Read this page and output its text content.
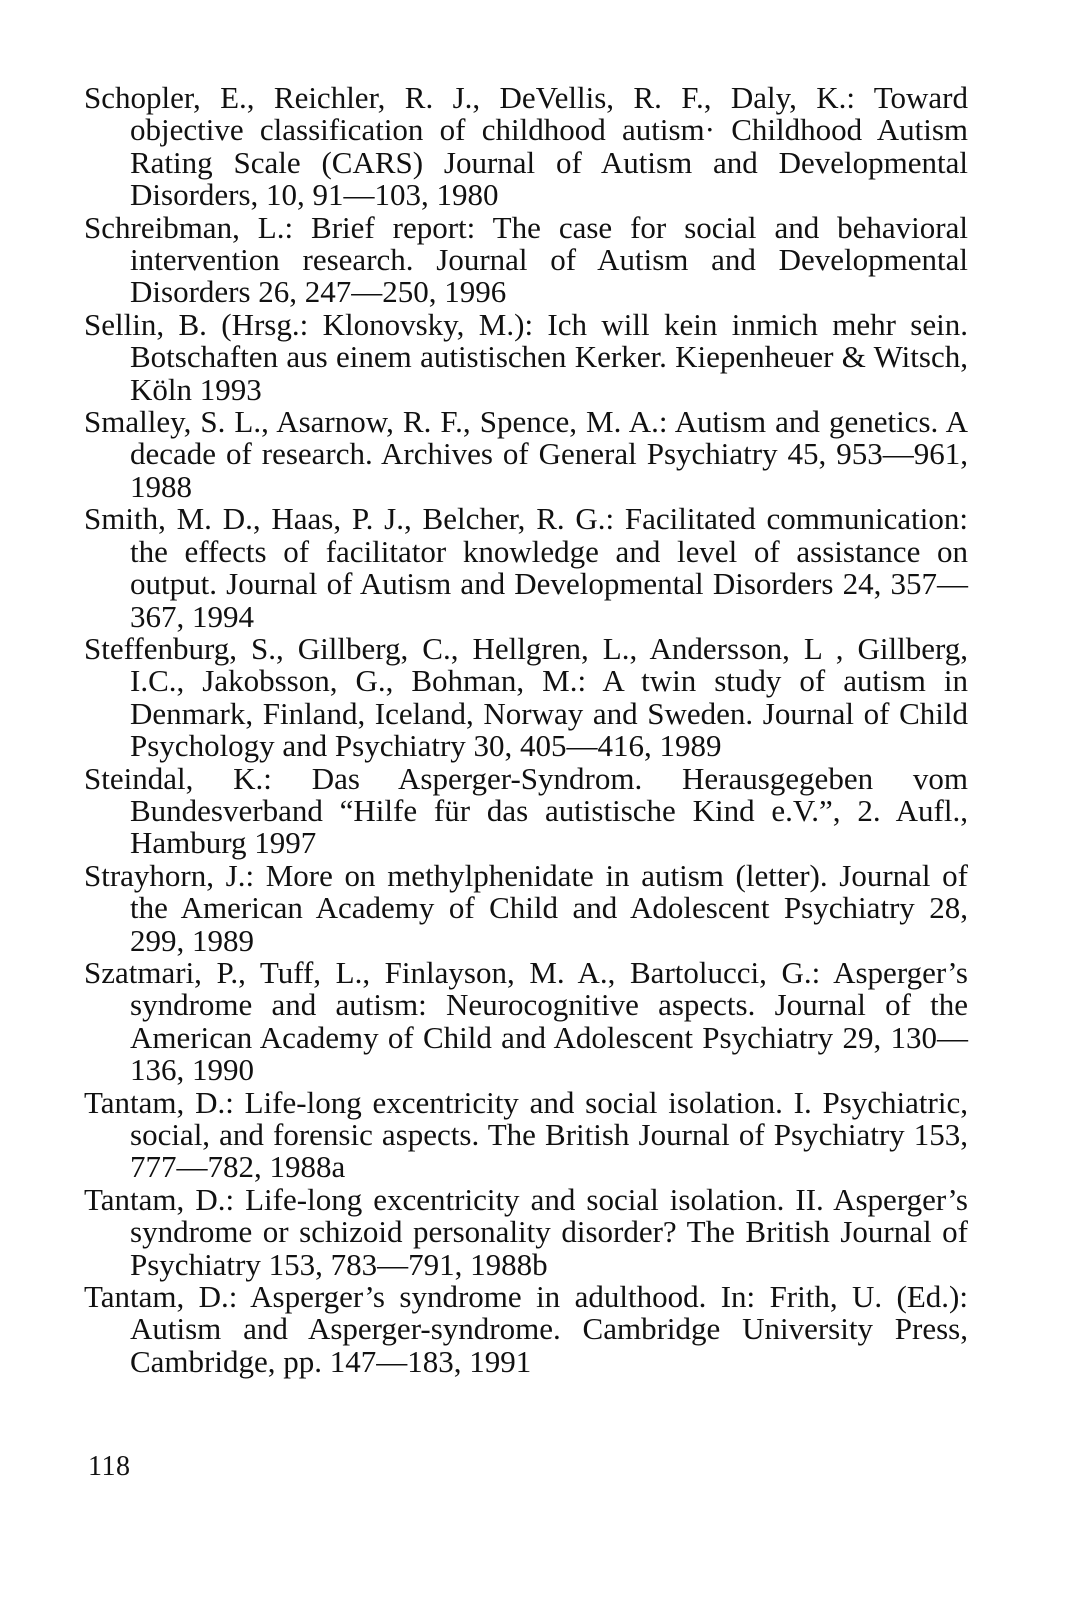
Schopler, E., Reichler, R. J., DeVellis, R. F., Daly, K.: Toward objective classification of childhood autism· Childhood Autism Rating Scale (CARS) Journal of Autism and Developmental Disorders, 10, 91—103, 1980
Schreibman, L.: Brief report: The case for social and behavioral intervention research. Journal of Autism and Developmental Disorders 26, 247—250, 1996
Sellin, B. (Hrsg.: Klonovsky, M.): Ich will kein inmich mehr sein. Botschaften aus einem autistischen Kerker. Kiepenheuer & Witsch, Köln 1993
Smalley, S. L., Asarnow, R. F., Spence, M. A.: Autism and genetics. A decade of research. Archives of General Psychiatry 45, 953—961, 1988
Smith, M. D., Haas, P. J., Belcher, R. G.: Facilitated communication: the effects of facilitator knowledge and level of assistance on output. Journal of Autism and Developmental Disorders 24, 357—367, 1994
Steffenburg, S., Gillberg, C., Hellgren, L., Andersson, L , Gillberg, I.C., Jakobsson, G., Bohman, M.: A twin study of autism in Denmark, Finland, Iceland, Norway and Sweden. Journal of Child Psychology and Psychiatry 30, 405—416, 1989
Steindal, K.: Das Asperger-Syndrom. Herausgegeben vom Bundesverband “Hilfe für das autistische Kind e.V.”, 2. Aufl., Hamburg 1997
Strayhorn, J.: More on methylphenidate in autism (letter). Journal of the American Academy of Child and Adolescent Psychiatry 28, 299, 1989
Szatmari, P., Tuff, L., Finlayson, M. A., Bartolucci, G.: Asperger’s syndrome and autism: Neurocognitive aspects. Journal of the American Academy of Child and Adolescent Psychiatry 29, 130—136, 1990
Tantam, D.: Life-long excentricity and social isolation. I. Psychiatric, social, and forensic aspects. The British Journal of Psychiatry 153, 777—782, 1988a
Tantam, D.: Life-long excentricity and social isolation. II. Asperger’s syndrome or schizoid personality disorder? The British Journal of Psychiatry 153, 783—791, 1988b
Tantam, D.: Asperger’s syndrome in adulthood. In: Frith, U. (Ed.): Autism and Asperger-syndrome. Cambridge University Press, Cambridge, pp. 147—183, 1991
118
